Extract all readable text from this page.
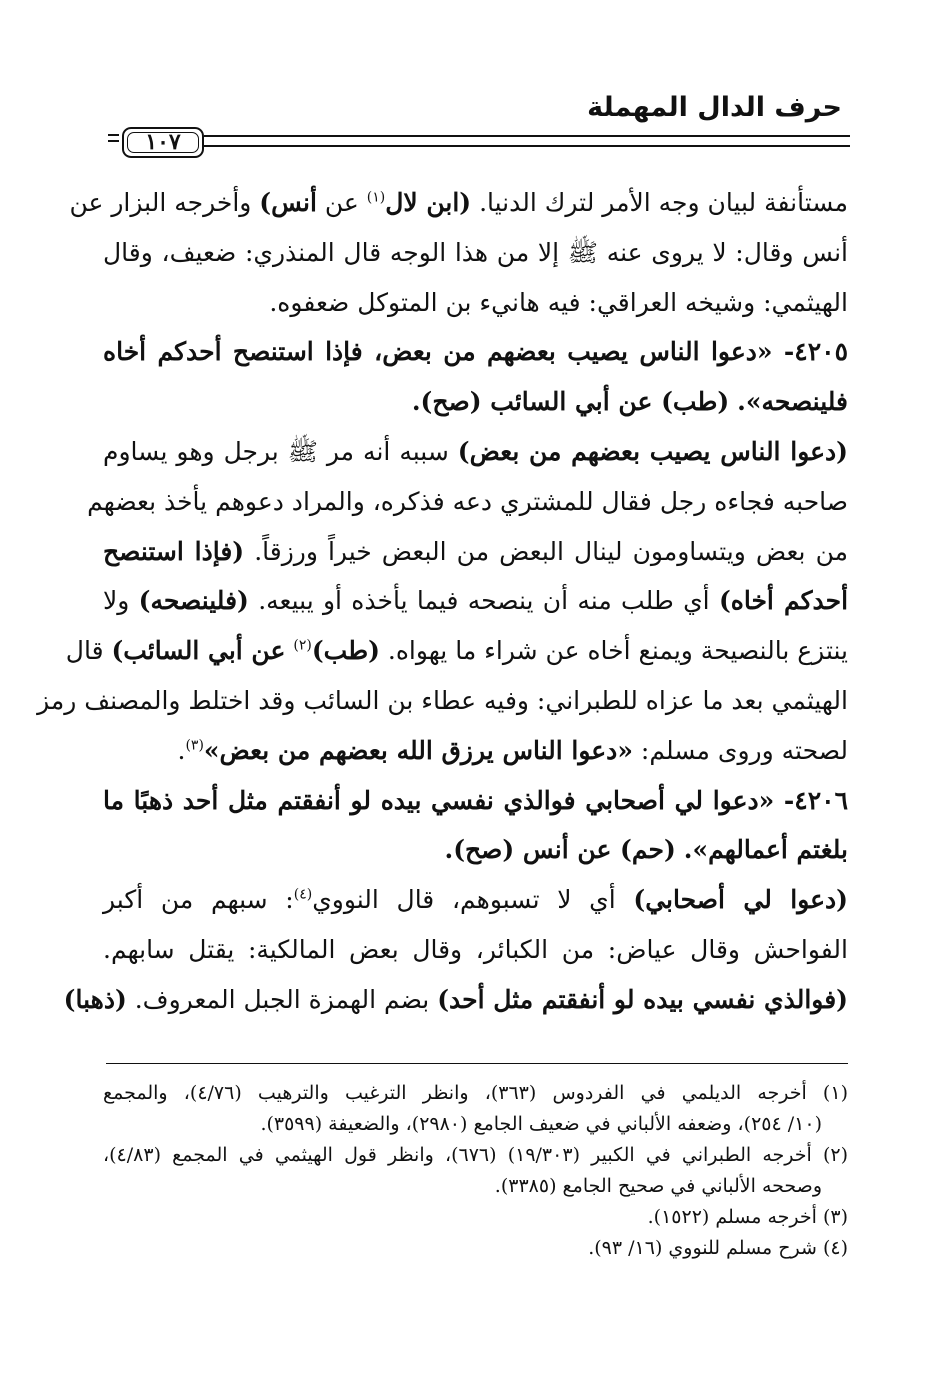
حرف الدال المهملة
١٠٧
مستأنفة لبيان وجه الأمر لترك الدنيا. (ابن لال$^{(١)}$ عن أنس) وأخرجه البزار عن
أنس وقال: لا يروى عنه ﷺ إلا من هذا الوجه قال المنذري: ضعيف، وقال
الهيثمي: وشيخه العراقي: فيه هانيء بن المتوكل ضعفوه.
٤٢٠٥- «دعوا الناس يصيب بعضهم من بعض، فإذا استنصح أحدكم أخاه
فلينصحه». (طب) عن أبي السائب (صح).
(دعوا الناس يصيب بعضهم من بعض) سببه أنه مر ﷺ برجل وهو يساوم
صاحبه فجاءه رجل فقال للمشتري دعه فذكره، والمراد دعوهم يأخذ بعضهم
من بعض ويتساومون لينال البعض من البعض خيراً ورزقاً. (فإذا استنصح
أحدكم أخاه) أي طلب منه أن ينصحه فيما يأخذه أو يبيعه. (فلينصحه) ولا
ينتزع بالنصيحة ويمنع أخاه عن شراء ما يهواه. (طب)$^{(٢)}$ عن أبي السائب) قال
الهيثمي بعد ما عزاه للطبراني: وفيه عطاء بن السائب وقد اختلط والمصنف رمز
لصحته وروى مسلم: «دعوا الناس يرزق الله بعضهم من بعض»$^{(٣)}$.
٤٢٠٦- «دعوا لي أصحابي فوالذي نفسي بيده لو أنفقتم مثل أحد ذهبًا ما
بلغتم أعمالهم». (حم) عن أنس (صح).
(دعوا لي أصحابي) أي لا تسبوهم، قال النووي$^{(٤)}$: سبهم من أكبر
الفواحش وقال عياض: من الكبائر، وقال بعض المالكية: يقتل سابهم.
(فوالذي نفسي بيده لو أنفقتم مثل أحد) بضم الهمزة الجبل المعروف. (ذهبا)
(١) أخرجه الديلمي في الفردوس (٣٦٣)، وانظر الترغيب والترهيب (٤/٧٦)، والمجمع
(١٠/ ٢٥٤)، وضعفه الألباني في ضعيف الجامع (٢٩٨٠)، والضعيفة (٣٥٩٩).
(٢) أخرجه الطبراني في الكبير (١٩/٣٠٣) (٦٧٦)، وانظر قول الهيثمي في المجمع (٤/٨٣)،
وصححه الألباني في صحيح الجامع (٣٣٨٥).
(٣) أخرجه مسلم (١٥٢٢).
(٤) شرح مسلم للنووي (١٦/ ٩٣).
